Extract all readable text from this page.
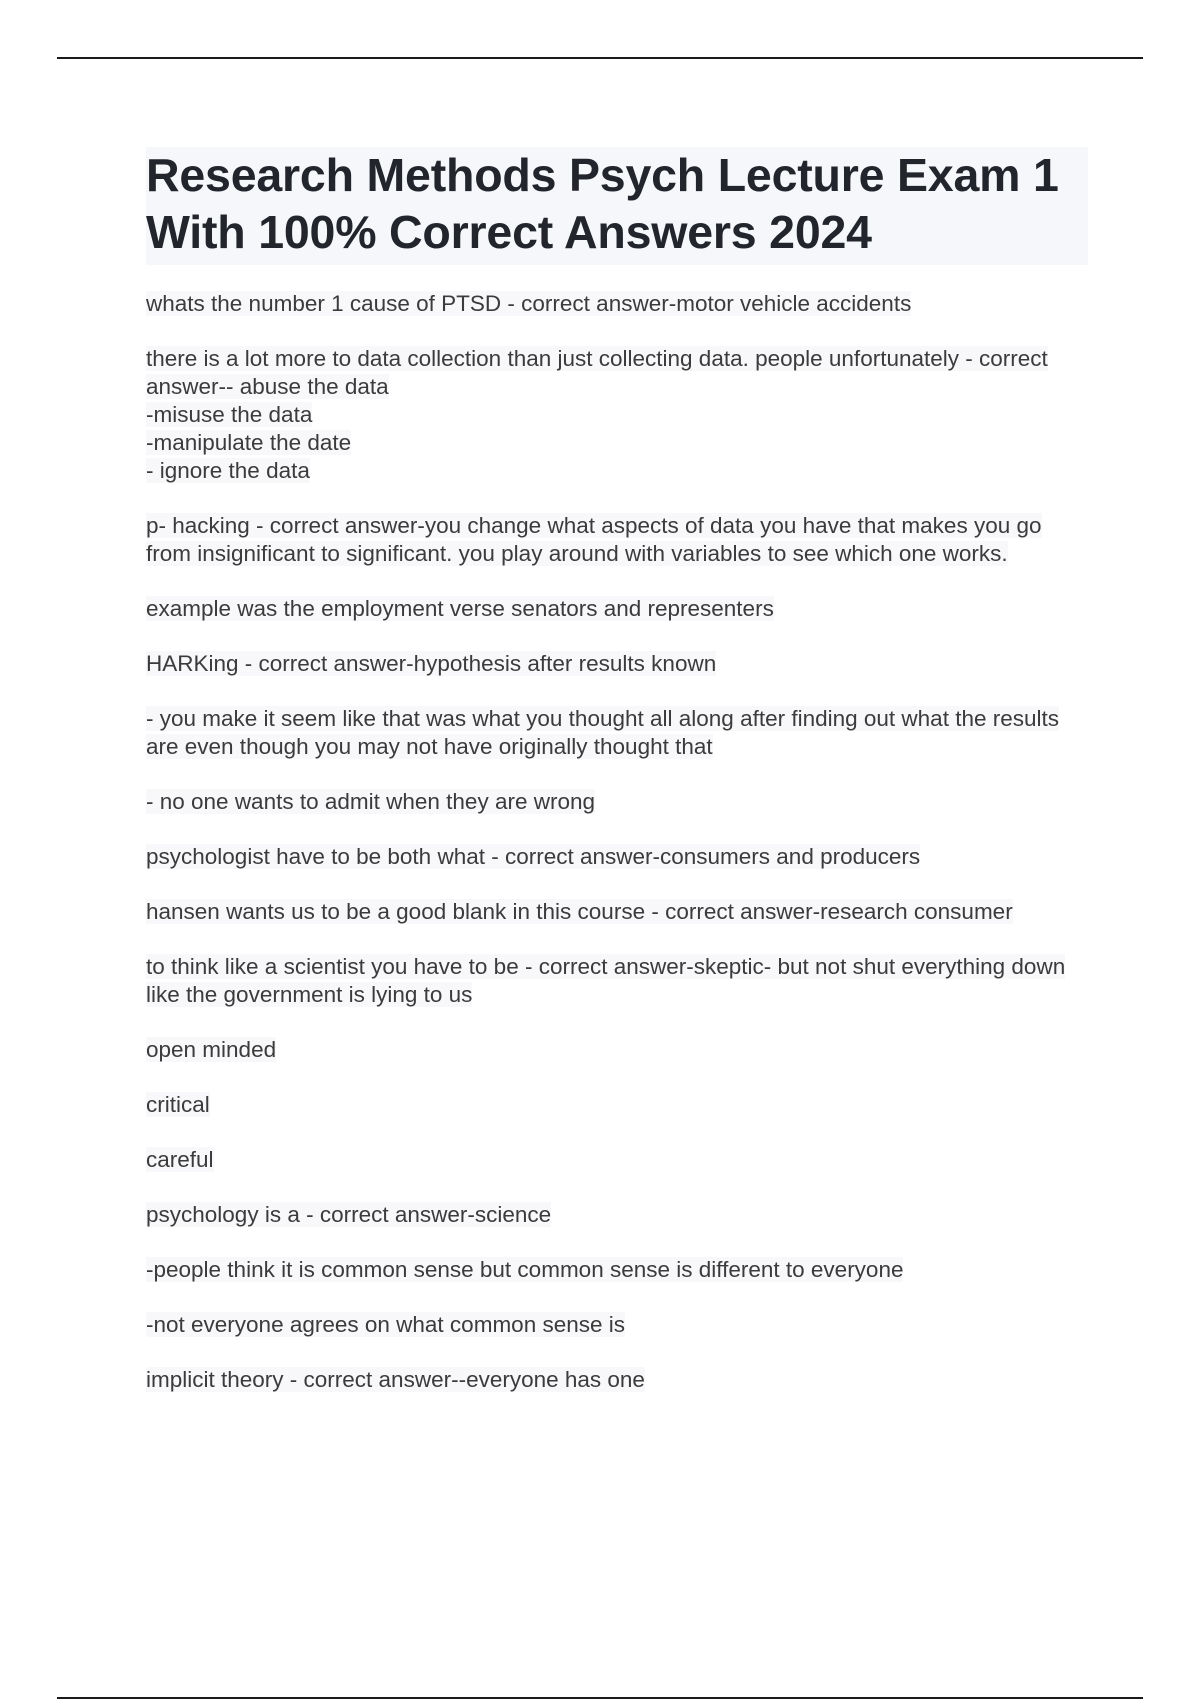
Research Methods Psych Lecture Exam 1 With 100% Correct Answers 2024

whats the number 1 cause of PTSD - correct answer-motor vehicle accidents

there is a lot more to data collection than just collecting data. people unfortunately - correct answer-- abuse the data
-misuse the data
-manipulate the date
- ignore the data

p- hacking - correct answer-you change what aspects of data you have that makes you go from insignificant to significant. you play around with variables to see which one works.

example was the employment verse senators and representers

HARKing - correct answer-hypothesis after results known

- you make it seem like that was what you thought all along after finding out what the results are even though you may not have originally thought that

- no one wants to admit when they are wrong

psychologist have to be both what - correct answer-consumers and producers

hansen wants us to be a good blank in this course - correct answer-research consumer

to think like a scientist you have to be - correct answer-skeptic- but not shut everything down like the government is lying to us

open minded

critical

careful

psychology is a - correct answer-science

-people think it is common sense but common sense is different to everyone

-not everyone agrees on what common sense is

implicit theory - correct answer--everyone has one
